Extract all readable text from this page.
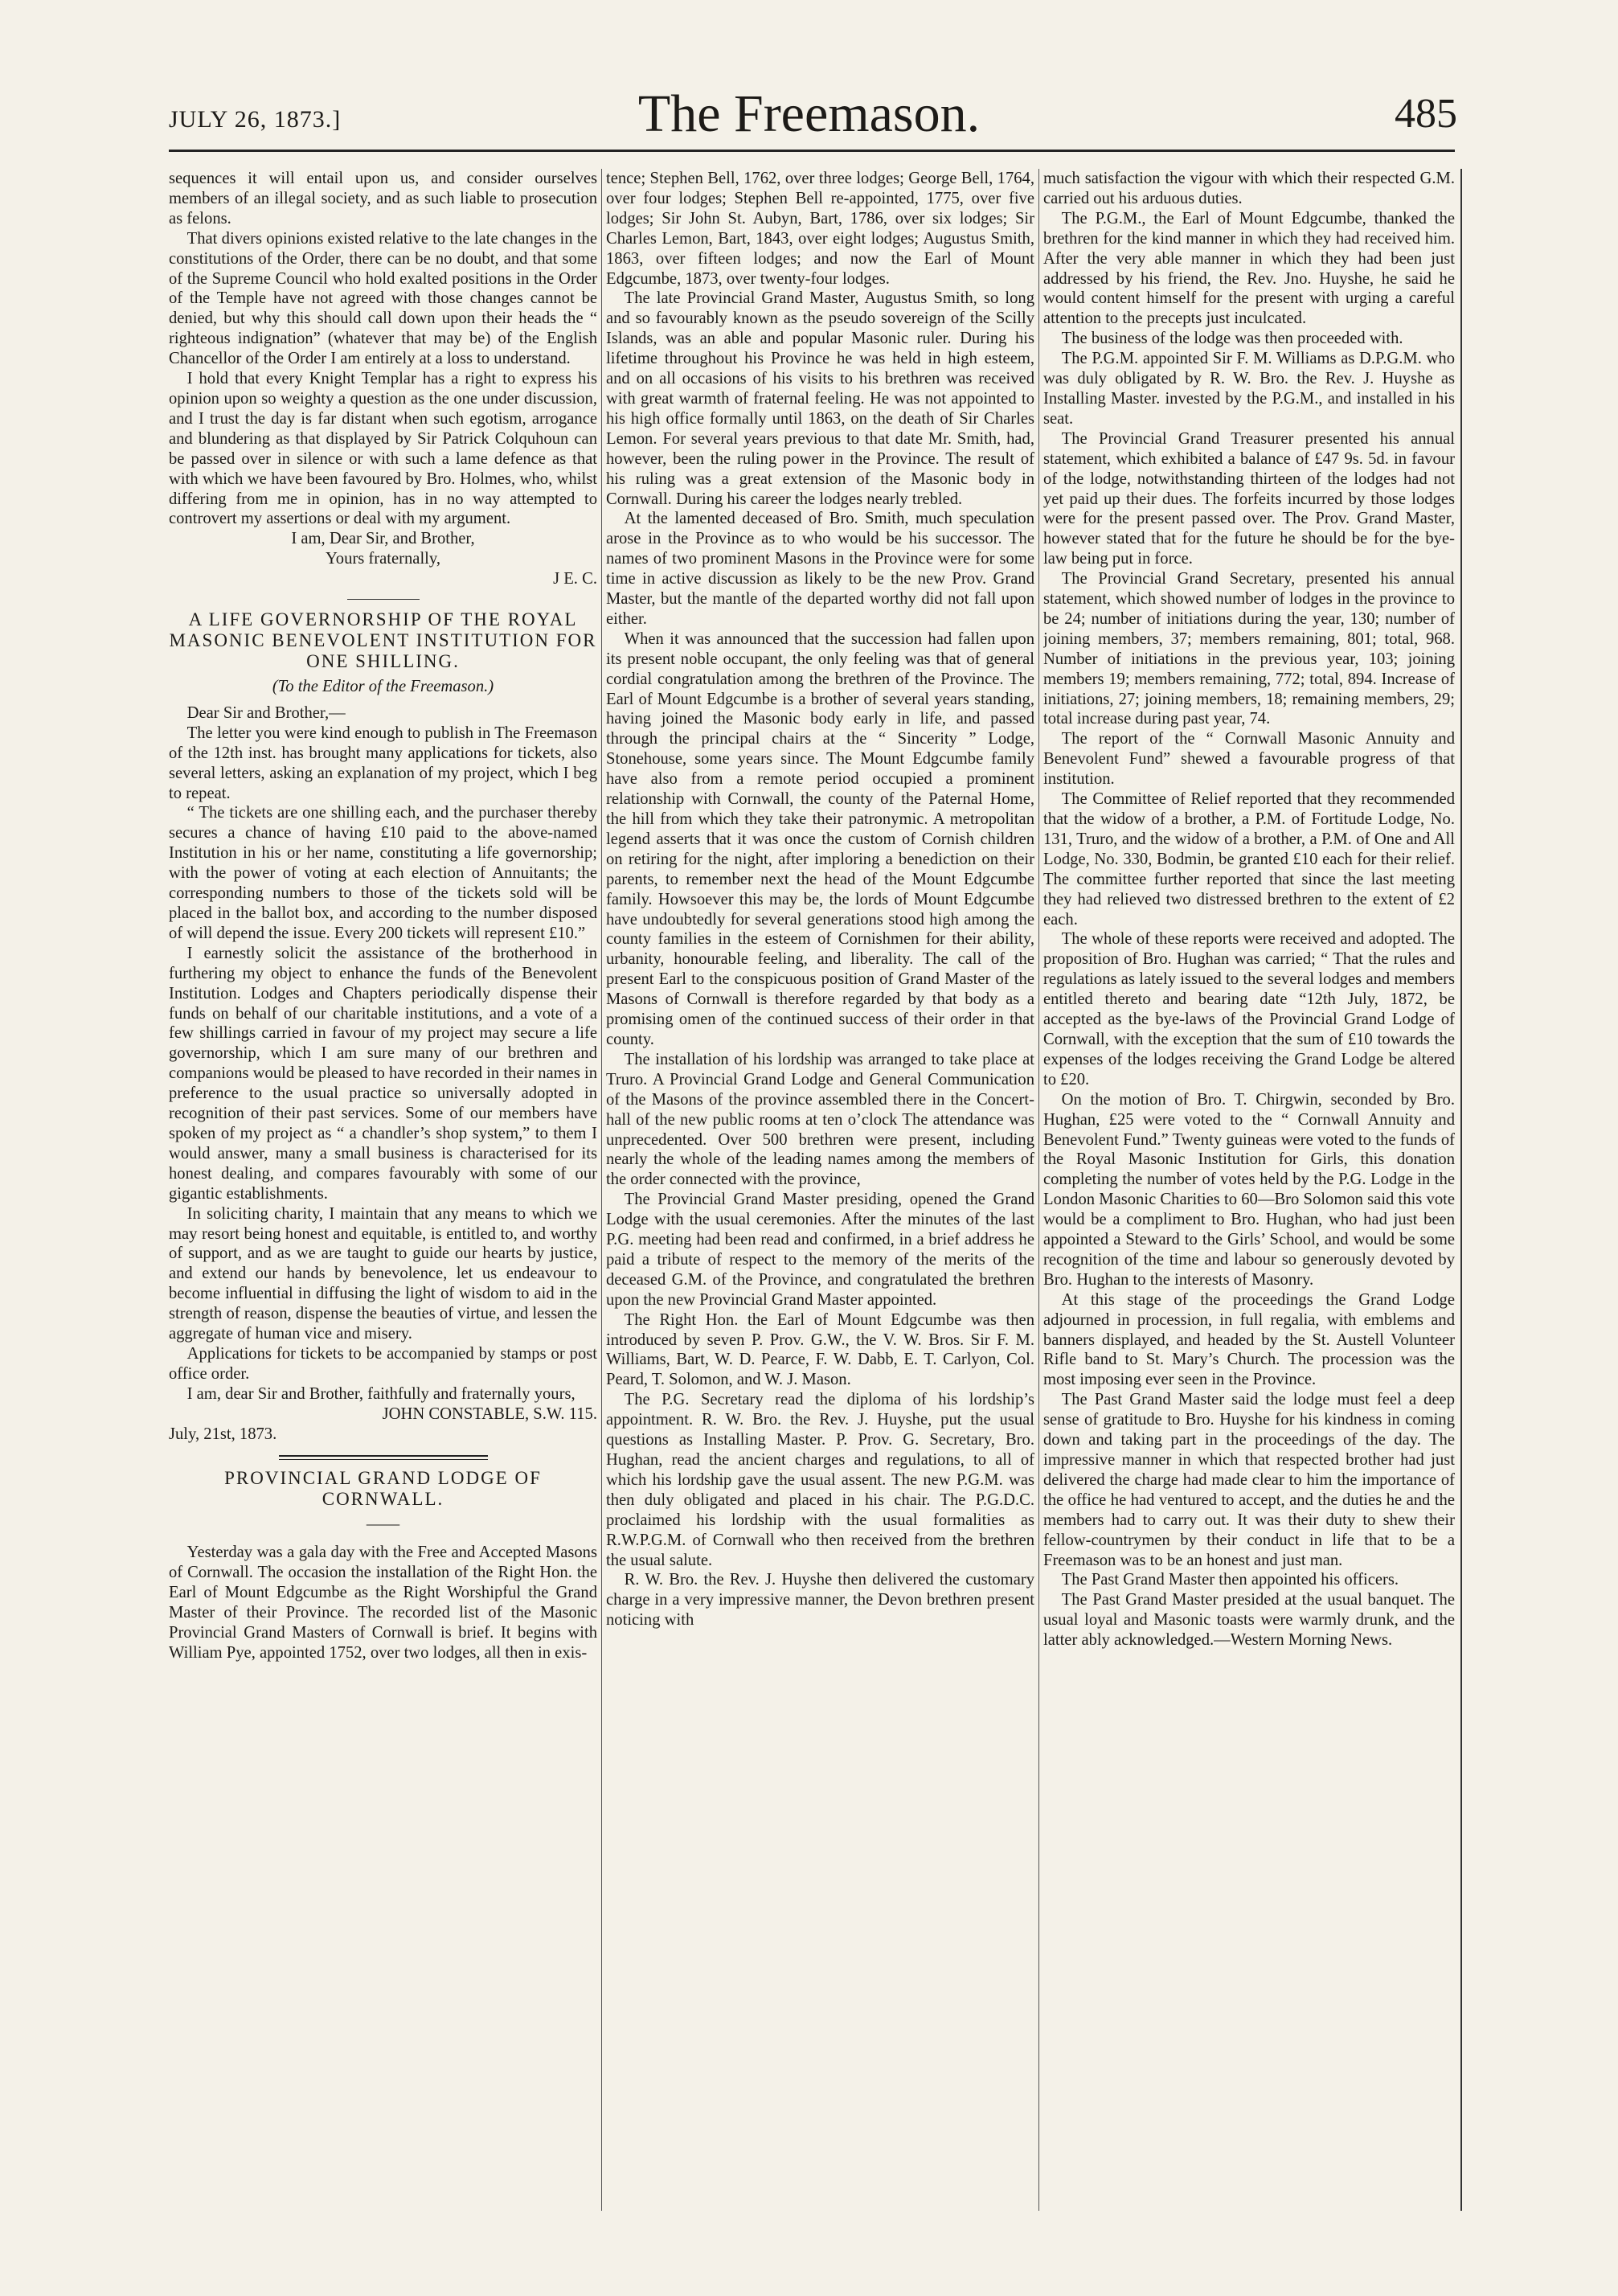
JULY 26, 1873.]	The Freemason.	485

sequences it will entail upon us, and consider ourselves members of an illegal society, and as such liable to prosecution as felons.

That divers opinions existed relative to the late changes in the constitutions of the Order, there can be no doubt, and that some of the Supreme Council who hold exalted positions in the Order of the Temple have not agreed with those changes cannot be denied, but why this should call down upon their heads the “ righteous indignation” (whatever that may be) of the English Chancellor of the Order I am entirely at a loss to understand.

I hold that every Knight Templar has a right to express his opinion upon so weighty a question as the one under discussion, and I trust the day is far distant when such egotism, arrogance and blundering as that displayed by Sir Patrick Colquhoun can be passed over in silence or with such a lame defence as that with which we have been favoured by Bro. Holmes, who, whilst differing from me in opinion, has in no way attempted to controvert my assertions or deal with my argument.

I am, Dear Sir, and Brother,

Yours fraternally,

J E. C.

A LIFE GOVERNORSHIP OF THE ROYAL MASONIC BENEVOLENT INSTITUTION FOR ONE SHILLING.
(To the Editor of the Freemason.)

Dear Sir and Brother,—

The letter you were kind enough to publish in The Freemason of the 12th inst. has brought many applications for tickets, also several letters, asking an explanation of my project, which I beg to repeat.

“ The tickets are one shilling each, and the purchaser thereby secures a chance of having £10 paid to the above-named Institution in his or her name, constituting a life governorship; with the power of voting at each election of Annuitants; the corresponding numbers to those of the tickets sold will be placed in the ballot box, and according to the number disposed of will depend the issue. Every 200 tickets will represent £10.”

I earnestly solicit the assistance of the brotherhood in furthering my object to enhance the funds of the Benevolent Institution. Lodges and Chapters periodically dispense their funds on behalf of our charitable institutions, and a vote of a few shillings carried in favour of my project may secure a life governorship, which I am sure many of our brethren and companions would be pleased to have recorded in their names in preference to the usual practice so universally adopted in recognition of their past services. Some of our members have spoken of my project as “ a chandler’s shop system,” to them I would answer, many a small business is characterised for its honest dealing, and compares favourably with some of our gigantic establishments.

In soliciting charity, I maintain that any means to which we may resort being honest and equitable, is entitled to, and worthy of support, and as we are taught to guide our hearts by justice, and extend our hands by benevolence, let us endeavour to become influential in diffusing the light of wisdom to aid in the strength of reason, dispense the beauties of virtue, and lessen the aggregate of human vice and misery.

Applications for tickets to be accompanied by stamps or post office order.

I am, dear Sir and Brother, faithfully and fraternally yours,

JOHN CONSTABLE, S.W. 115.

July, 21st, 1873.

PROVINCIAL GRAND LODGE OF CORNWALL.
——

Yesterday was a gala day with the Free and Accepted Masons of Cornwall. The occasion the installation of the Right Hon. the Earl of Mount Edgcumbe as the Right Worshipful the Grand Master of their Province. The recorded list of the Masonic Provincial Grand Masters of Cornwall is brief. It begins with William Pye, appointed 1752, over two lodges, all then in exis-

tence; Stephen Bell, 1762, over three lodges; George Bell, 1764, over four lodges; Stephen Bell re-appointed, 1775, over five lodges; Sir John St. Aubyn, Bart, 1786, over six lodges; Sir Charles Lemon, Bart, 1843, over eight lodges; Augustus Smith, 1863, over fifteen lodges; and now the Earl of Mount Edgcumbe, 1873, over twenty-four lodges.

The late Provincial Grand Master, Augustus Smith, so long and so favourably known as the pseudo sovereign of the Scilly Islands, was an able and popular Masonic ruler. During his lifetime throughout his Province he was held in high esteem, and on all occasions of his visits to his brethren was received with great warmth of fraternal feeling. He was not appointed to his high office formally until 1863, on the death of Sir Charles Lemon. For several years previous to that date Mr. Smith, had, however, been the ruling power in the Province. The result of his ruling was a great extension of the Masonic body in Cornwall. During his career the lodges nearly trebled.

At the lamented deceased of Bro. Smith, much speculation arose in the Province as to who would be his successor. The names of two prominent Masons in the Province were for some time in active discussion as likely to be the new Prov. Grand Master, but the mantle of the departed worthy did not fall upon either.

When it was announced that the succession had fallen upon its present noble occupant, the only feeling was that of general cordial congratulation among the brethren of the Province. The Earl of Mount Edgcumbe is a brother of several years standing, having joined the Masonic body early in life, and passed through the principal chairs at the “ Sincerity ” Lodge, Stonehouse, some years since. The Mount Edgcumbe family have also from a remote period occupied a prominent relationship with Cornwall, the county of the Paternal Home, the hill from which they take their patronymic. A metropolitan legend asserts that it was once the custom of Cornish children on retiring for the night, after imploring a benediction on their parents, to remember next the head of the Mount Edgcumbe family. Howsoever this may be, the lords of Mount Edgcumbe have undoubtedly for several generations stood high among the county families in the esteem of Cornishmen for their ability, urbanity, honourable feeling, and liberality. The call of the present Earl to the conspicuous position of Grand Master of the Masons of Cornwall is therefore regarded by that body as a promising omen of the continued success of their order in that county.

The installation of his lordship was arranged to take place at Truro. A Provincial Grand Lodge and General Communication of the Masons of the province assembled there in the Concert-hall of the new public rooms at ten o’clock The attendance was unprecedented. Over 500 brethren were present, including nearly the whole of the leading names among the members of the order connected with the province,

The Provincial Grand Master presiding, opened the Grand Lodge with the usual ceremonies. After the minutes of the last P.G. meeting had been read and confirmed, in a brief address he paid a tribute of respect to the memory of the merits of the deceased G.M. of the Province, and congratulated the brethren upon the new Provincial Grand Master appointed.

The Right Hon. the Earl of Mount Edgcumbe was then introduced by seven P. Prov. G.W., the V. W. Bros. Sir F. M. Williams, Bart, W. D. Pearce, F. W. Dabb, E. T. Carlyon, Col. Peard, T. Solomon, and W. J. Mason.

The P.G. Secretary read the diploma of his lordship’s appointment. R. W. Bro. the Rev. J. Huyshe, put the usual questions as Installing Master. P. Prov. G. Secretary, Bro. Hughan, read the ancient charges and regulations, to all of which his lordship gave the usual assent. The new P.G.M. was then duly obligated and placed in his chair. The P.G.D.C. proclaimed his lordship with the usual formalities as R.W.P.G.M. of Cornwall who then received from the brethren the usual salute.

R. W. Bro. the Rev. J. Huyshe then delivered the customary charge in a very impressive manner, the Devon brethren present noticing with

much satisfaction the vigour with which their respected G.M. carried out his arduous duties.

The P.G.M., the Earl of Mount Edgcumbe, thanked the brethren for the kind manner in which they had received him. After the very able manner in which they had been just addressed by his friend, the Rev. Jno. Huyshe, he said he would content himself for the present with urging a careful attention to the precepts just inculcated.

The business of the lodge was then proceeded with.

The P.G.M. appointed Sir F. M. Williams as D.P.G.M. who was duly obligated by R. W. Bro. the Rev. J. Huyshe as Installing Master. invested by the P.G.M., and installed in his seat.

The Provincial Grand Treasurer presented his annual statement, which exhibited a balance of £47 9s. 5d. in favour of the lodge, notwithstanding thirteen of the lodges had not yet paid up their dues. The forfeits incurred by those lodges were for the present passed over. The Prov. Grand Master, however stated that for the future he should be for the bye-law being put in force.

The Provincial Grand Secretary, presented his annual statement, which showed number of lodges in the province to be 24; number of initiations during the year, 130; number of joining members, 37; members remaining, 801; total, 968. Number of initiations in the previous year, 103; joining members 19; members remaining, 772; total, 894. Increase of initiations, 27; joining members, 18; remaining members, 29; total increase during past year, 74.

The report of the “ Cornwall Masonic Annuity and Benevolent Fund” shewed a favourable progress of that institution.

The Committee of Relief reported that they recommended that the widow of a brother, a P.M. of Fortitude Lodge, No. 131, Truro, and the widow of a brother, a P.M. of One and All Lodge, No. 330, Bodmin, be granted £10 each for their relief. The committee further reported that since the last meeting they had relieved two distressed brethren to the extent of £2 each.

The whole of these reports were received and adopted. The proposition of Bro. Hughan was carried; “ That the rules and regulations as lately issued to the several lodges and members entitled thereto and bearing date “12th July, 1872, be accepted as the bye-laws of the Provincial Grand Lodge of Cornwall, with the exception that the sum of £10 towards the expenses of the lodges receiving the Grand Lodge be altered to £20.

On the motion of Bro. T. Chirgwin, seconded by Bro. Hughan, £25 were voted to the “ Cornwall Annuity and Benevolent Fund.” Twenty guineas were voted to the funds of the Royal Masonic Institution for Girls, this donation completing the number of votes held by the P.G. Lodge in the London Masonic Charities to 60—Bro Solomon said this vote would be a compliment to Bro. Hughan, who had just been appointed a Steward to the Girls’ School, and would be some recognition of the time and labour so generously devoted by Bro. Hughan to the interests of Masonry.

At this stage of the proceedings the Grand Lodge adjourned in procession, in full regalia, with emblems and banners displayed, and headed by the St. Austell Volunteer Rifle band to St. Mary’s Church. The procession was the most imposing ever seen in the Province.

The Past Grand Master said the lodge must feel a deep sense of gratitude to Bro. Huyshe for his kindness in coming down and taking part in the proceedings of the day. The impressive manner in which that respected brother had just delivered the charge had made clear to him the importance of the office he had ventured to accept, and the duties he and the members had to carry out. It was their duty to shew their fellow-countrymen by their conduct in life that to be a Freemason was to be an honest and just man.

The Past Grand Master then appointed his officers.

The Past Grand Master presided at the usual banquet. The usual loyal and Masonic toasts were warmly drunk, and the latter ably acknowledged.—Western Morning News.
